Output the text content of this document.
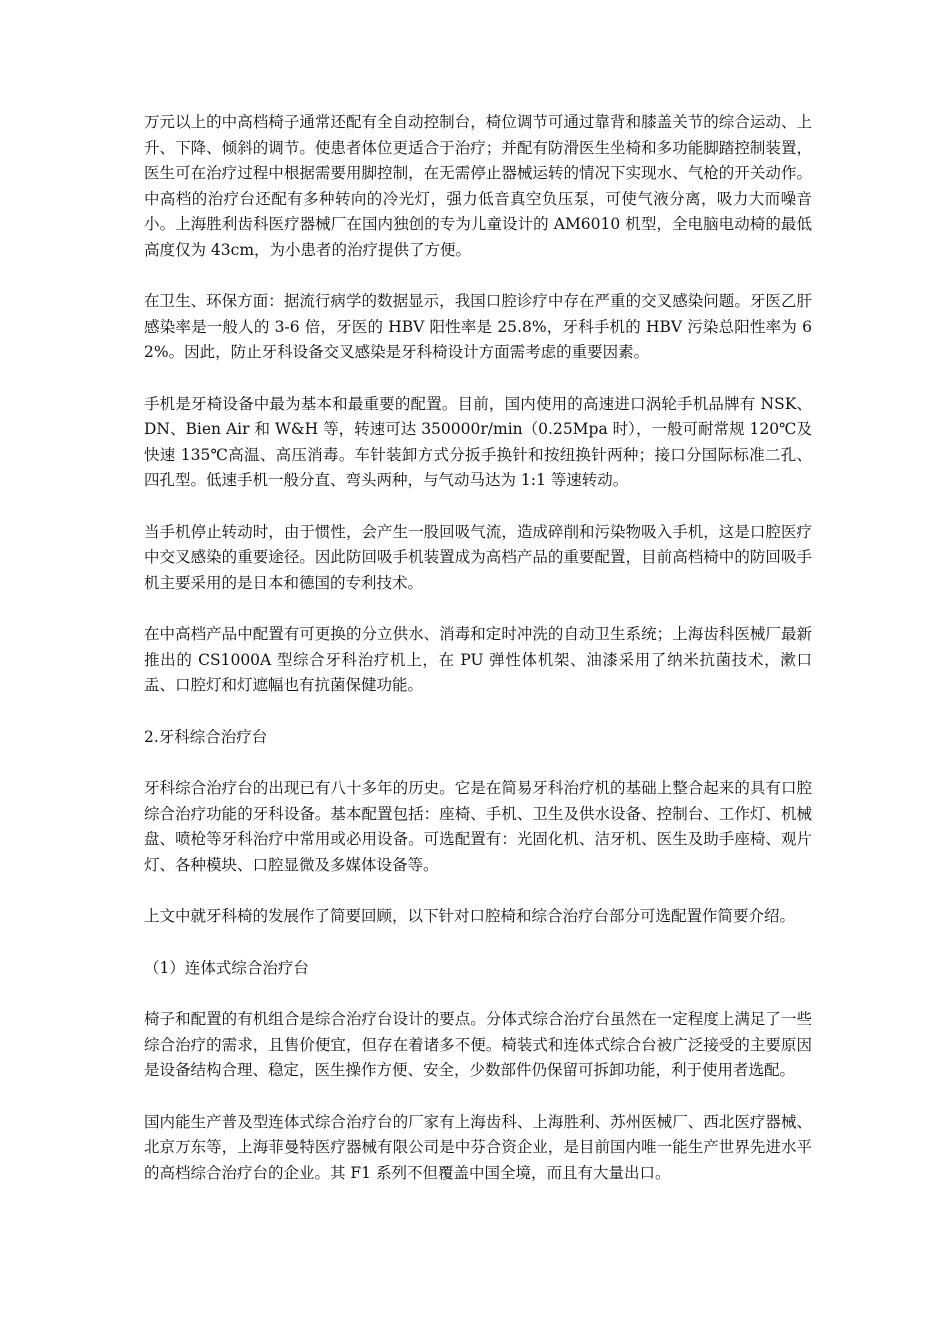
万元以上的中高档椅子通常还配有全自动控制台，椅位调节可通过靠背和膝盖关节的综合运动、上升、下降、倾斜的调节。使患者体位更适合于治疗；并配有防滑医生坐椅和多功能脚踏控制装置，医生可在治疗过程中根据需要用脚控制，在无需停止器械运转的情况下实现水、气枪的开关动作。中高档的治疗台还配有多种转向的冷光灯，强力低音真空负压泵，可使气液分离，吸力大而噪音小。上海胜利齿科医疗器械厂在国内独创的专为儿童设计的 AM6010 机型，全电脑电动椅的最低高度仅为 43cm，为小患者的治疗提供了方便。

在卫生、环保方面：据流行病学的数据显示，我国口腔诊疗中存在严重的交叉感染问题。牙医乙肝感染率是一般人的 3-6 倍，牙医的 HBV 阳性率是 25.8%，牙科手机的 HBV 污染总阳性率为 62%。因此，防止牙科设备交叉感染是牙科椅设计方面需考虑的重要因素。

手机是牙椅设备中最为基本和最重要的配置。目前，国内使用的高速进口涡轮手机品牌有 NSK、DN、Bien Air 和 W&H 等，转速可达 350000r/min（0.25Mpa 时），一般可耐常规 120℃及快速 135℃高温、高压消毒。车针装卸方式分扳手换针和按纽换针两种；接口分国际标准二孔、四孔型。低速手机一般分直、弯头两种，与气动马达为 1:1 等速转动。

当手机停止转动时，由于惯性，会产生一股回吸气流，造成碎削和污染物吸入手机，这是口腔医疗中交叉感染的重要途径。因此防回吸手机装置成为高档产品的重要配置，目前高档椅中的防回吸手机主要采用的是日本和德国的专利技术。

在中高档产品中配置有可更换的分立供水、消毒和定时冲洗的自动卫生系统；上海齿科医械厂最新推出的 CS1000A 型综合牙科治疗机上，在 PU 弹性体机架、油漆采用了纳米抗菌技术，漱口盂、口腔灯和灯遮幅也有抗菌保健功能。

2.牙科综合治疗台

牙科综合治疗台的出现已有八十多年的历史。它是在简易牙科治疗机的基础上整合起来的具有口腔综合治疗功能的牙科设备。基本配置包括：座椅、手机、卫生及供水设备、控制台、工作灯、机械盘、喷枪等牙科治疗中常用或必用设备。可选配置有：光固化机、洁牙机、医生及助手座椅、观片灯、各种模块、口腔显微及多媒体设备等。

上文中就牙科椅的发展作了简要回顾，以下针对口腔椅和综合治疗台部分可选配置作简要介绍。

（1）连体式综合治疗台

椅子和配置的有机组合是综合治疗台设计的要点。分体式综合治疗台虽然在一定程度上满足了一些综合治疗的需求，且售价便宜，但存在着诸多不便。椅装式和连体式综合台被广泛接受的主要原因是设备结构合理、稳定，医生操作方便、安全，少数部件仍保留可拆卸功能，利于使用者选配。

国内能生产普及型连体式综合治疗台的厂家有上海齿科、上海胜利、苏州医械厂、西北医疗器械、北京万东等，上海菲曼特医疗器械有限公司是中芬合资企业，是目前国内唯一能生产世界先进水平的高档综合治疗台的企业。其 F1 系列不但覆盖中国全境，而且有大量出口。
